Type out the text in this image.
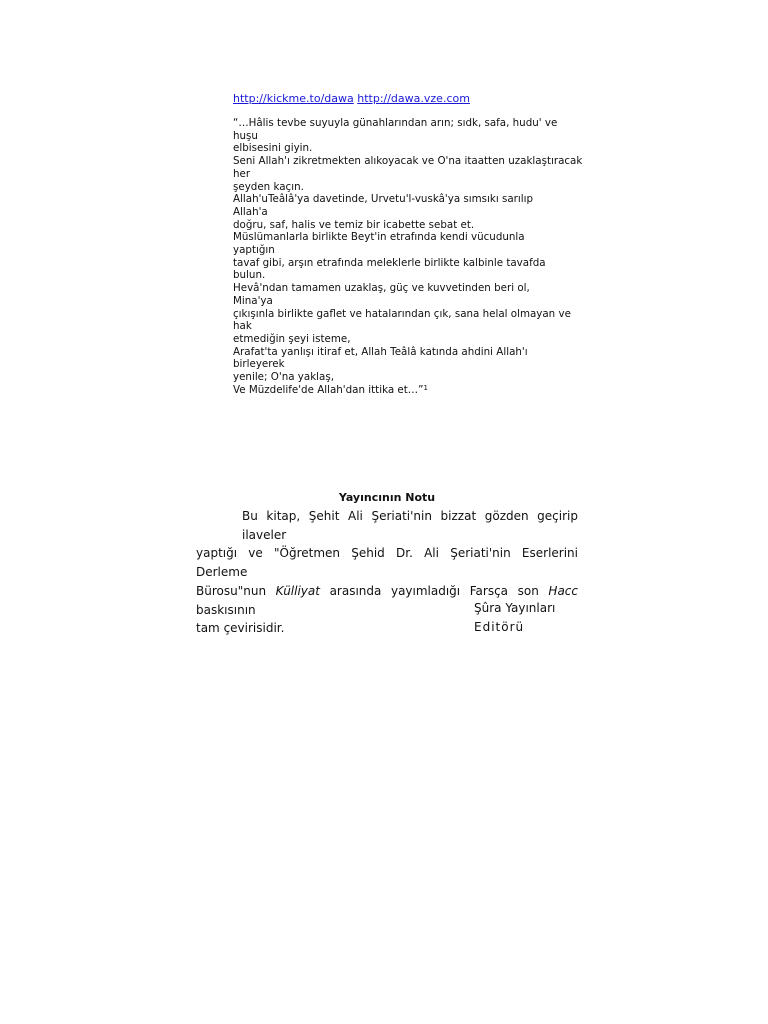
http://kickme.to/dawa http://dawa.vze.com
“…Hâlis tevbe suyuyla günahlarından arın; sıdk, safa, hudu' ve
huşu
elbisesini giyin.
Seni Allah'ı zikretmekten alıkoyacak ve O'na itaatten uzaklaştıracak
her
şeyden kaçın.
Allah'uTeâlâ'ya davetinde, Urvetu'l-vuskâ'ya sımsıkı sarılıp
Allah'a
doğru, saf, halis ve temiz bir icabette sebat et.
Müslümanlarla birlikte Beyt'in etrafında kendi vücudunla
yaptığın
tavaf gibi, arşın etrafında meleklerle birlikte kalbinle tavafda
bulun.
Hevâ'ndan tamamen uzaklaş, güç ve kuvvetinden beri ol,
Mina'ya
çıkışınla birlikte gaflet ve hatalarından çık, sana helal olmayan ve
hak
etmediğin şeyi isteme,
Arafat'ta yanlışı itiraf et, Allah Teâlâ katında ahdini Allah'ı
birleyerek
yenile; O'na yaklaş,
Ve Müzdelife'de Allah'dan ittika et…”$^1$
Yayıncının Notu
Bu kitap, Şehit Ali Şeriati'nin bizzat gözden geçirip ilaveler
yaptığı ve "Öğretmen Şehid Dr. Ali Şeriati'nin Eserlerini Derleme
Bürosu"nun Külliyat arasında yayımladığı Farsça son Hacc baskısının
tam çevirisidir.
Şûra Yayınları
Editörü
